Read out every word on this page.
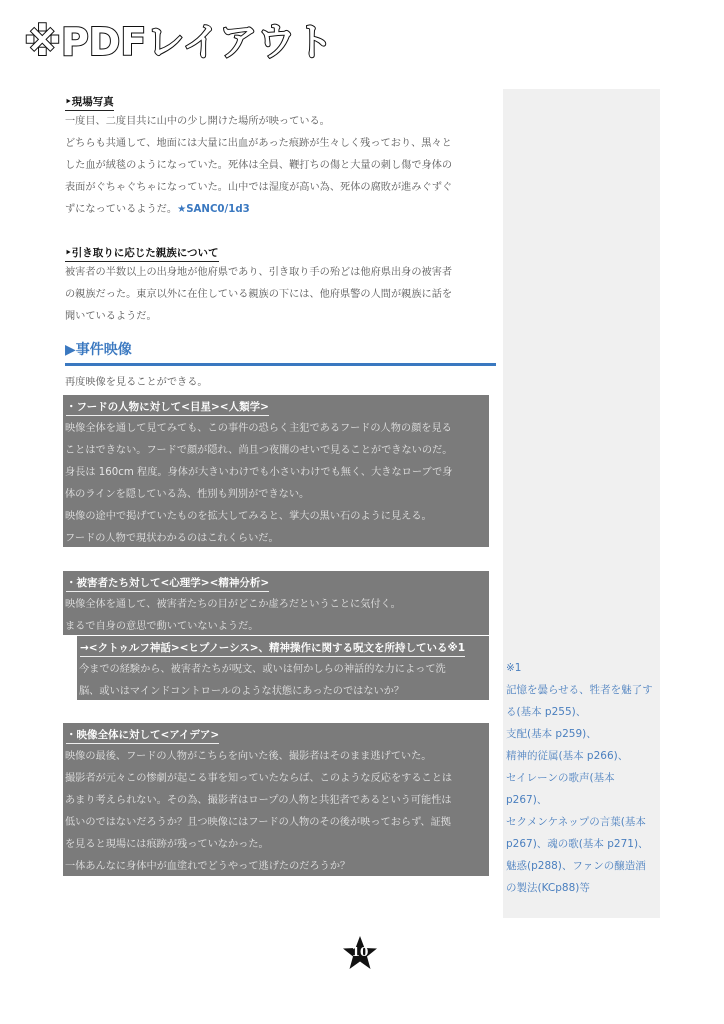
※PDFレイアウト
※1
記憶を曇らせる、牲者を魅了す
る(基本 p255)、
支配(基本 p259)、
精神的従属(基本 p266)、
セイレーンの歌声(基本
p267)、
セクメンケネップの言葉(基本
p267)、魂の歌(基本 p271)、
魅惑(p288)、ファンの醸造酒
の製法(KCp88)等
‣現場写真

一度目、二度目共に山中の少し開けた場所が映っている。

どちらも共通して、地面には大量に出血があった痕跡が生々しく残っており、黒々と

した血が絨毯のようになっていた。死体は全員、鞭打ちの傷と大量の刺し傷で身体の

表面がぐちゃぐちゃになっていた。山中では湿度が高い為、死体の腐敗が進みぐずぐ

ずになっているようだ。★SANC0/1d3

‣引き取りに応じた親族について

被害者の半数以上の出身地が他府県であり、引き取り手の殆どは他府県出身の被害者

の親族だった。東京以外に在住している親族の下には、他府県警の人間が親族に話を

聞いているようだ。

▶事件映像

再度映像を見ることができる。

・フードの人物に対して<目星><人類学>

映像全体を通して見てみても、この事件の恐らく主犯であるフードの人物の顔を見る

ことはできない。フードで顔が隠れ、尚且つ夜闇のせいで見ることができないのだ。

身長は 160cm 程度。身体が大きいわけでも小さいわけでも無く、大きなローブで身

体のラインを隠している為、性別も判別ができない。

映像の途中で掲げていたものを拡大してみると、掌大の黒い石のように見える。

フードの人物で現状わかるのはこれくらいだ。

・被害者たち対して<心理学><精神分析>

映像全体を通して、被害者たちの目がどこか虚ろだということに気付く。

まるで自身の意思で動いていないようだ。

→<クトゥルフ神話><ヒプノーシス>、精神操作に関する呪文を所持している※1

今までの経験から、被害者たちが呪文、或いは何かしらの神話的な力によって洗

脳、或いはマインドコントロールのような状態にあったのではないか？

・映像全体に対して<アイデア>

映像の最後、フードの人物がこちらを向いた後、撮影者はそのまま逃げていた。

撮影者が元々この惨劇が起こる事を知っていたならば、このような反応をすることは

あまり考えられない。その為、撮影者はロープの人物と共犯者であるという可能性は

低いのではないだろうか？且つ映像にはフードの人物のその後が映っておらず、証拠

を見ると現場には痕跡が残っていなかった。

一体あんなに身体中が血塗れでどうやって逃げたのだろうか？

10
